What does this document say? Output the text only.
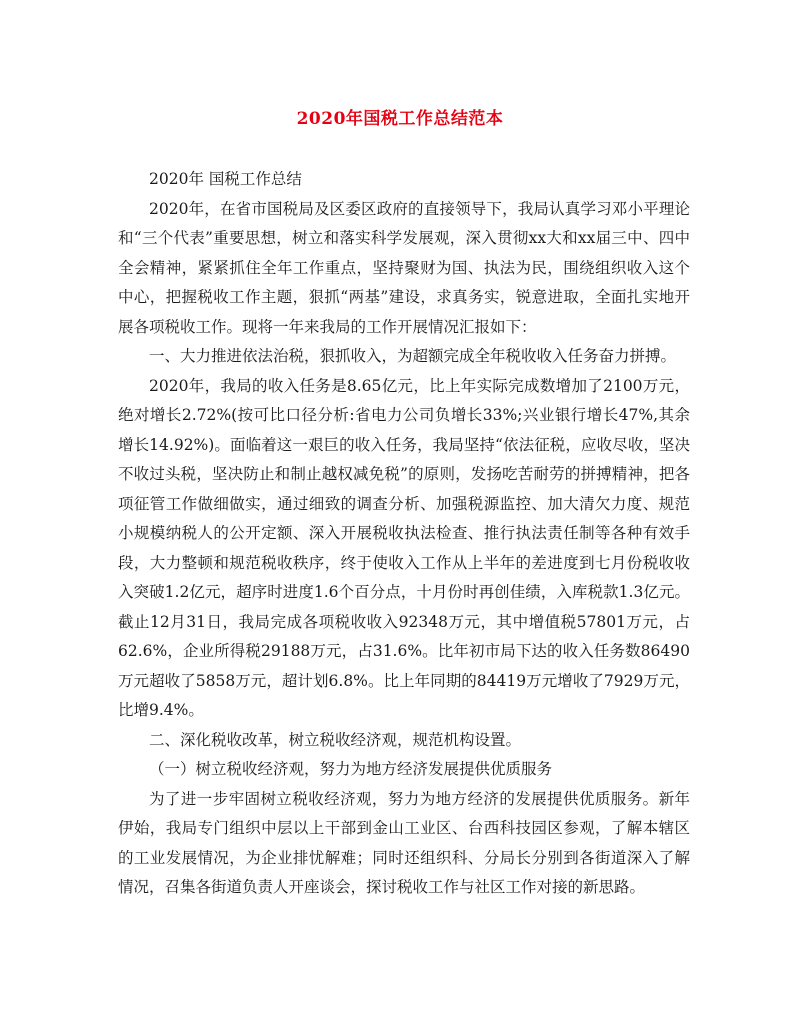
2020年国税工作总结范本

2020年 国税工作总结

2020年，在省市国税局及区委区政府的直接领导下，我局认真学习邓小平理论和“三个代表”重要思想，树立和落实科学发展观，深入贯彻xx大和xx届三中、四中全会精神，紧紧抓住全年工作重点，坚持聚财为国、执法为民，围绕组织收入这个中心，把握税收工作主题，狠抓“两基”建设，求真务实，锐意进取，全面扎实地开展各项税收工作。现将一年来我局的工作开展情况汇报如下：

一、大力推进依法治税，狠抓收入，为超额完成全年税收收入任务奋力拼搏。

2020年，我局的收入任务是8.65亿元，比上年实际完成数增加了2100万元，绝对增长2.72%(按可比口径分析:省电力公司负增长33%;兴业银行增长47%,其余增长14.92%)。面临着这一艰巨的收入任务，我局坚持“依法征税，应收尽收，坚决不收过头税，坚决防止和制止越权减免税”的原则，发扬吃苦耐劳的拼搏精神，把各项征管工作做细做实，通过细致的调查分析、加强税源监控、加大清欠力度、规范小规模纳税人的公开定额、深入开展税收执法检查、推行执法责任制等各种有效手段，大力整顿和规范税收秩序，终于使收入工作从上半年的差进度到七月份税收收入突破1.2亿元，超序时进度1.6个百分点，十月份时再创佳绩，入库税款1.3亿元。截止12月31日，我局完成各项税收收入92348万元，其中增值税57801万元，占62.6%，企业所得税29188万元，占31.6%。比年初市局下达的收入任务数86490万元超收了5858万元，超计划6.8%。比上年同期的84419万元增收了7929万元，比增9.4%。

二、深化税收改革，树立税收经济观，规范机构设置。

（一）树立税收经济观，努力为地方经济发展提供优质服务

为了进一步牢固树立税收经济观，努力为地方经济的发展提供优质服务。新年伊始，我局专门组织中层以上干部到金山工业区、台西科技园区参观，了解本辖区的工业发展情况，为企业排忧解难；同时还组织科、分局长分别到各街道深入了解情况，召集各街道负责人开座谈会，探讨税收工作与社区工作对接的新思路。
